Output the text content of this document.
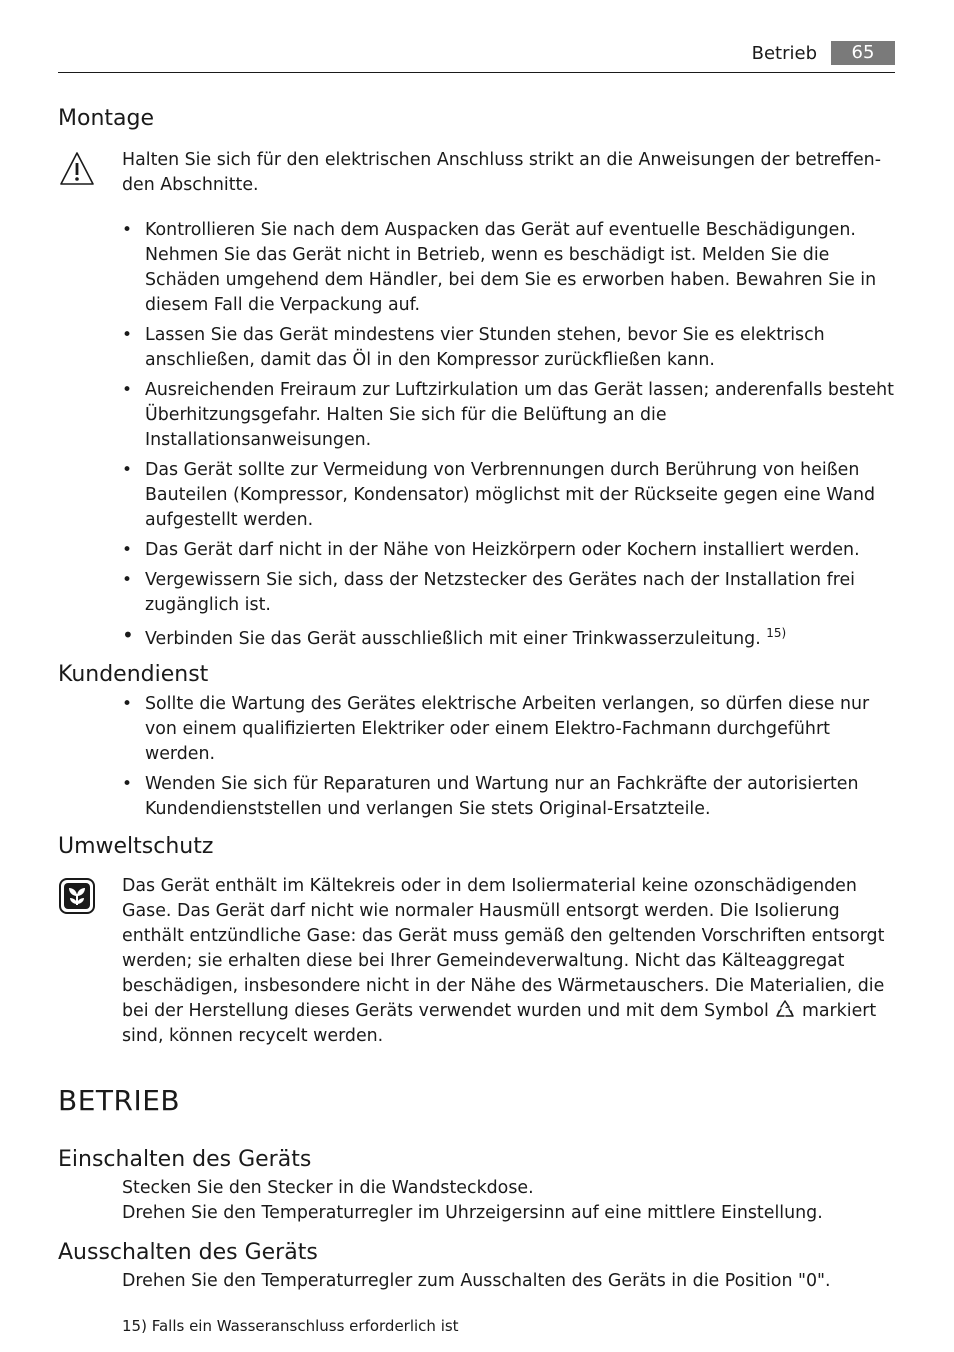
Betrieb	65
Montage
Halten Sie sich für den elektrischen Anschluss strikt an die Anweisungen der betreffen-den Abschnitte.
• Kontrollieren Sie nach dem Auspacken das Gerät auf eventuelle Beschädigungen. Nehmen Sie das Gerät nicht in Betrieb, wenn es beschädigt ist. Melden Sie die Schäden umgehend dem Händler, bei dem Sie es erworben haben. Bewahren Sie in diesem Fall die Verpackung auf.
• Lassen Sie das Gerät mindestens vier Stunden stehen, bevor Sie es elektrisch anschließen, damit das Öl in den Kompressor zurückfließen kann.
• Ausreichenden Freiraum zur Luftzirkulation um das Gerät lassen; anderenfalls besteht Überhitzungsgefahr. Halten Sie sich für die Belüftung an die Installationsanweisungen.
• Das Gerät sollte zur Vermeidung von Verbrennungen durch Berührung von heißen Bauteilen (Kompressor, Kondensator) möglichst mit der Rückseite gegen eine Wand aufgestellt werden.
• Das Gerät darf nicht in der Nähe von Heizkörpern oder Kochern installiert werden.
• Vergewissern Sie sich, dass der Netzstecker des Gerätes nach der Installation frei zugänglich ist.
• Verbinden Sie das Gerät ausschließlich mit einer Trinkwasserzuleitung. $^{15)}$
Kundendienst
• Sollte die Wartung des Gerätes elektrische Arbeiten verlangen, so dürfen diese nur von einem qualifizierten Elektriker oder einem Elektro-Fachmann durchgeführt werden.
• Wenden Sie sich für Reparaturen und Wartung nur an Fachkräfte der autorisierten Kundendienststellen und verlangen Sie stets Original-Ersatzteile.
Umweltschutz
Das Gerät enthält im Kältekreis oder in dem Isoliermaterial keine ozonschädigenden Gase. Das Gerät darf nicht wie normaler Hausmüll entsorgt werden. Die Isolierung enthält entzündliche Gase: das Gerät muss gemäß den geltenden Vorschriften entsorgt werden; sie erhalten diese bei Ihrer Gemeindeverwaltung. Nicht das Kälteaggregat beschädigen, insbesondere nicht in der Nähe des Wärmetauschers. Die Materialien, die bei der Herstellung dieses Geräts verwendet wurden und mit dem Symbol markiert sind, können recycelt werden.
BETRIEB
Einschalten des Geräts
Stecken Sie den Stecker in die Wandsteckdose.
Drehen Sie den Temperaturregler im Uhrzeigersinn auf eine mittlere Einstellung.
Ausschalten des Geräts
Drehen Sie den Temperaturregler zum Ausschalten des Geräts in die Position "0".
15) Falls ein Wasseranschluss erforderlich ist
